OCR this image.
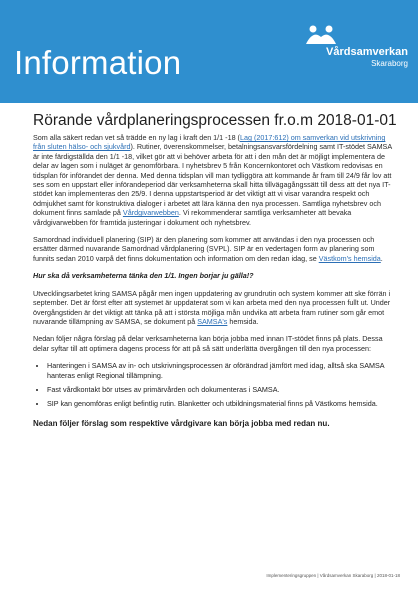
Information	Vårdsamverkan
Skaraborg
Rörande vårdplaneringsprocessen fr.o.m 2018-01-01

Som alla säkert redan vet så trädde en ny lag i kraft den 1/1 -18 (Lag (2017:612) om samverkan vid utskrivning från sluten hälso- och sjukvård). Rutiner, överenskommelser, betalningsansvarsfördelning samt IT-stödet SAMSA är inte färdigställda den 1/1 -18, vilket gör att vi behöver arbeta för att i den mån det är möjligt implementera de delar av lagen som i nuläget är genomförbara. I nyhetsbrev 5 från Koncernkontoret och Västkom redovisas en tidsplan för införandet der denna. Med denna tidsplan vill man tydliggöra att kommande år fram till 24/9 får lov att ses som en uppstart eller införandeperiod där verksamheterna skall hitta tillvägagångssätt till dess att det nya IT-stödet kan implementeras den 25/9. I denna uppstartsperiod är det viktigt att vi visar varandra respekt och ödmjukhet samt för konstruktiva dialoger i arbetet att lära känna den nya processen. Samtliga nyhetsbrev och dokument finns samlade på Vårdgivarwebben. Vi rekommenderar samtliga verksamheter att bevaka vårdgivarwebben för framtida justeringar i dokument och nyhetsbrev.

Samordnad individuell planering (SIP) är den planering som kommer att användas i den nya processen och ersätter därmed nuvarande Samordnad vårdplanering (SVPL). SIP är en vedertagen form av planering som funnits sedan 2010 varpå det finns dokumentation och information om den redan idag, se Västkom's hemsida.

Hur ska då verksamheterna tänka den 1/1. Ingen borjar ju gälla!?

Utvecklingsarbetet kring SAMSA pågår men ingen uppdatering av grundrutin och system kommer att ske förrän i september. Det är först efter att systemet är uppdaterat som vi kan arbeta med den nya processen fullt ut. Under övergångstiden är det viktigt att tänka på att i största möjliga mån undvika att arbeta fram rutiner som går emot nuvarande tillämpning av SAMSA, se dokument på SAMSA's hemsida.

Nedan följer några förslag på delar verksamheterna kan börja jobba med innan IT-stödet finns på plats. Dessa delar syftar till att optimera dagens process för att på så sätt underlätta övergången till den nya processen:

• Hanteringen i SAMSA av in- och utskrivningsprocessen är oförändrad jämfört med idag, alltså ska SAMSA hanteras enligt Regional tillämpning.
• Fast vårdkontakt bör utses av primärvården och dokumenteras i SAMSA.
• SIP kan genomföras enligt befintlig rutin. Blanketter och utbildningsmaterial finns på Västkoms hemsida.

Nedan följer förslag som respektive vårdgivare kan börja jobba med redan nu.

Implementeringsgruppen | Vårdsamverkan Skaraborg | 2018-01-18
